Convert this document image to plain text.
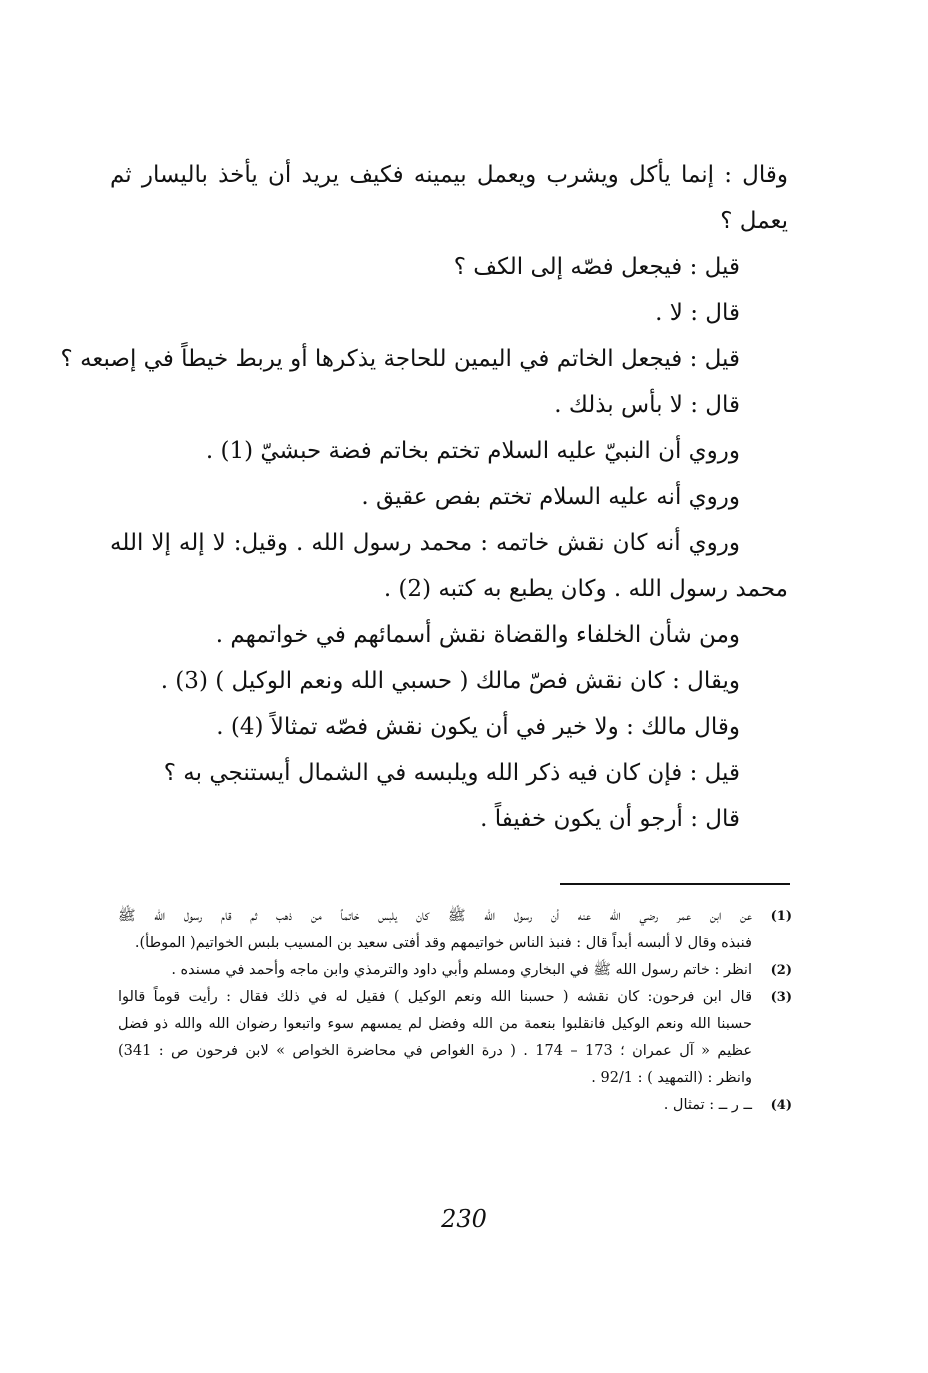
وقال : إنما يأكل ويشرب ويعمل بيمينه فكيف يريد أن يأخذ باليسار ثم
يعمل ؟
قيل : فيجعل فصّه إلى الكف ؟
قال : لا .
قيل : فيجعل الخاتم في اليمين للحاجة يذكرها أو يربط خيطاً في إصبعه ؟
قال : لا بأس بذلك .
وروي أن النبيّ عليه السلام تختم بخاتم فضة حبشيّ (1) .
وروي أنه عليه السلام تختم بفص عقيق .
وروي أنه كان نقش خاتمه : محمد رسول الله . وقيل: لا إله إلا الله
محمد رسول الله . وكان يطبع به كتبه (2) .
ومن شأن الخلفاء والقضاة نقش أسمائهم في خواتمهم .
ويقال : كان نقش فصّ مالك ( حسبي الله ونعم الوكيل ) (3) .
وقال مالك : ولا خير في أن يكون نقش فصّه تمثالاً (4) .
قيل : فإن كان فيه ذكر الله ويلبسه في الشمال أيستنجي به ؟
قال : أرجو أن يكون خفيفاً .
(1)
عن ابن عمر رضي الله عنه أن رسول الله ﷺ كان يلبس خاتماً من ذهب ثم قام رسول الله ﷺ
فنبذه وقال لا ألبسه أبداً قال : فنبذ الناس خواتيمهم وقد أفتى سعيد بن المسيب بلبس الخواتيم( الموطأ).
(2)
انظر : خاتم رسول الله ﷺ في البخاري ومسلم وأبي داود والترمذي وابن ماجه وأحمد في مسنده .
(3)
قال ابن فرحون: كان نقشه ( حسبنا الله ونعم الوكيل ) فقيل له في ذلك فقال : رأيت قوماً قالوا
حسبنا الله ونعم الوكيل فانقلبوا بنعمة من الله وفضل لم يمسهم سوء واتبعوا رضوان الله والله ذو فضل
عظيم « آل عمران ؛ 173 – 174 . ( درة الغواص في محاضرة الخواص » لابن فرحون ص : 341)
وانظر : (التمهيد ) : 92/1 .
(4)
ــ ر ــ : تمثال .
230
